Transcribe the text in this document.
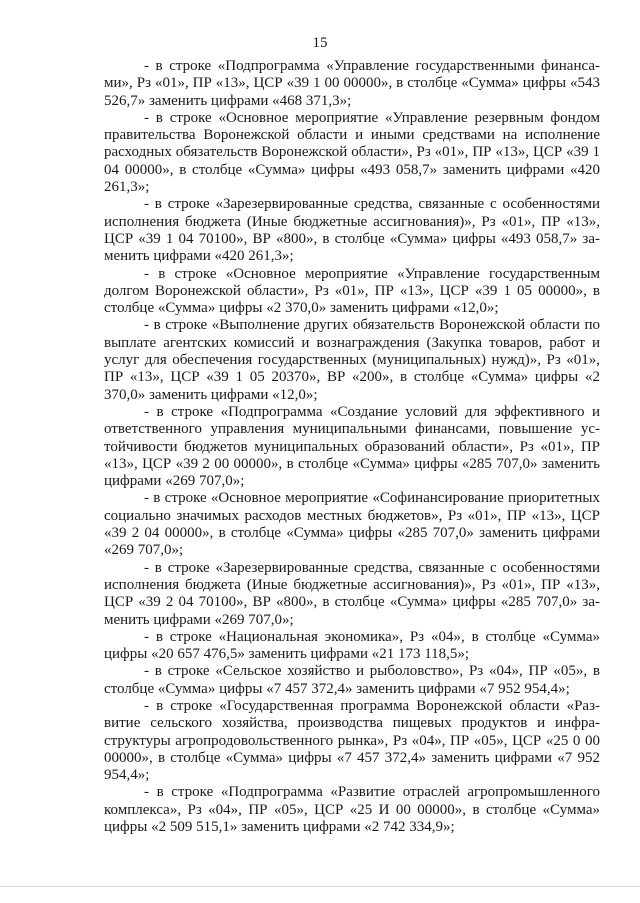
15

- в строке «Подпрограмма «Управление государственными финансами», Рз «01», ПР «13», ЦСР «39 1 00 00000», в столбце «Сумма» цифры «543 526,7» заменить цифрами «468 371,3»;

- в строке «Основное мероприятие «Управление резервным фондом правительства Воронежской области и иными средствами на исполнение расходных обязательств Воронежской области», Рз «01», ПР «13», ЦСР «39 1 04 00000», в столбце «Сумма» цифры «493 058,7» заменить цифрами «420 261,3»;

- в строке «Зарезервированные средства, связанные с особенностями исполнения бюджета (Иные бюджетные ассигнования)», Рз «01», ПР «13», ЦСР «39 1 04 70100», ВР «800», в столбце «Сумма» цифры «493 058,7» заменить цифрами «420 261,3»;

- в строке «Основное мероприятие «Управление государственным долгом Воронежской области», Рз «01», ПР «13», ЦСР «39 1 05 00000», в столбце «Сумма» цифры «2 370,0» заменить цифрами «12,0»;

- в строке «Выполнение других обязательств Воронежской области по выплате агентских комиссий и вознаграждения (Закупка товаров, работ и услуг для обеспечения государственных (муниципальных) нужд)», Рз «01», ПР «13», ЦСР «39 1 05 20370», ВР «200», в столбце «Сумма» цифры «2 370,0» заменить цифрами «12,0»;

- в строке «Подпрограмма «Создание условий для эффективного и ответственного управления муниципальными финансами, повышение устойчивости бюджетов муниципальных образований области», Рз «01», ПР «13», ЦСР «39 2 00 00000», в столбце «Сумма» цифры «285 707,0» заменить цифрами «269 707,0»;

- в строке «Основное мероприятие «Софинансирование приоритетных социально значимых расходов местных бюджетов», Рз «01», ПР «13», ЦСР «39 2 04 00000», в столбце «Сумма» цифры «285 707,0» заменить цифрами «269 707,0»;

- в строке «Зарезервированные средства, связанные с особенностями исполнения бюджета (Иные бюджетные ассигнования)», Рз «01», ПР «13», ЦСР «39 2 04 70100», ВР «800», в столбце «Сумма» цифры «285 707,0» заменить цифрами «269 707,0»;

- в строке «Национальная экономика», Рз «04», в столбце «Сумма» цифры «20 657 476,5» заменить цифрами «21 173 118,5»;

- в строке «Сельское хозяйство и рыболовство», Рз «04», ПР «05», в столбце «Сумма» цифры «7 457 372,4» заменить цифрами «7 952 954,4»;

- в строке «Государственная программа Воронежской области «Развитие сельского хозяйства, производства пищевых продуктов и инфраструктуры агропродовольственного рынка», Рз «04», ПР «05», ЦСР «25 0 00 00000», в столбце «Сумма» цифры «7 457 372,4» заменить цифрами «7 952 954,4»;

- в строке «Подпрограмма «Развитие отраслей агропромышленного комплекса», Рз «04», ПР «05», ЦСР «25 И 00 00000», в столбце «Сумма» цифры «2 509 515,1» заменить цифрами «2 742 334,9»;
